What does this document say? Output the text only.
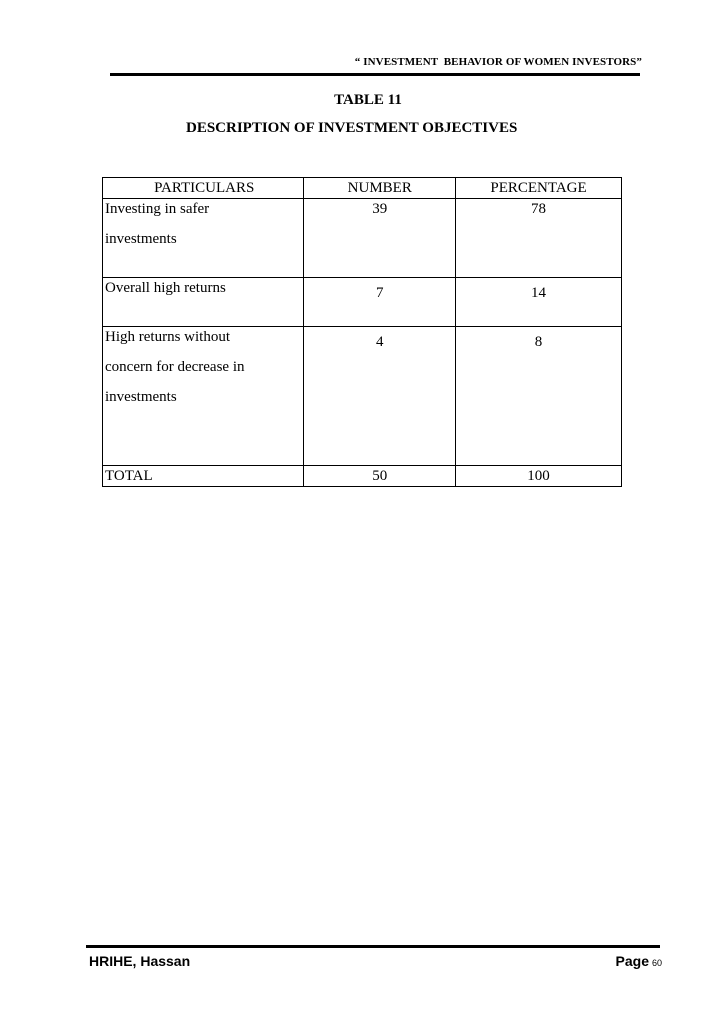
“ INVESTMENT  BEHAVIOR OF WOMEN INVESTORS”
TABLE 11
DESCRIPTION OF INVESTMENT OBJECTIVES
PARTICULARS	NUMBER	PERCENTAGE

Investing in safer
investments	39	78

Overall high returns	7	14

High returns without
concern for decrease in
investments	4	8

TOTAL	50	100
HRIHE, Hassan	Page 60
